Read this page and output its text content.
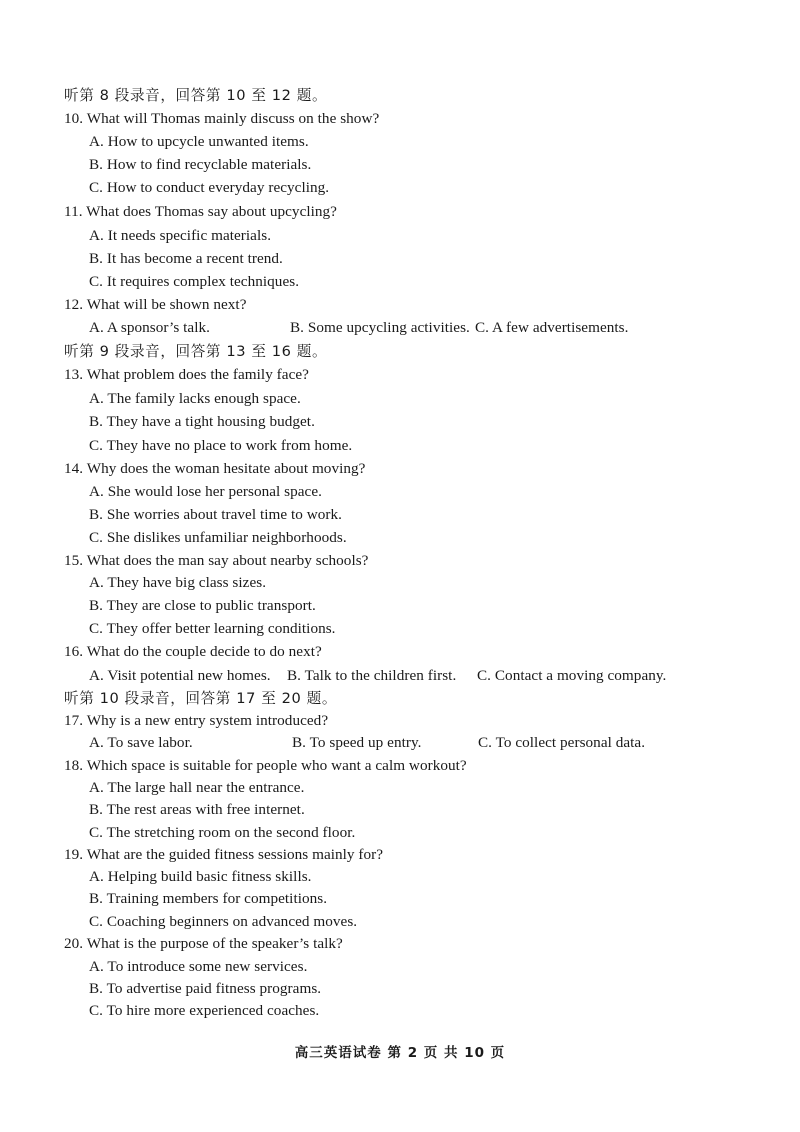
听第 8 段录音，回答第 10 至 12 题。
10. What will Thomas mainly discuss on the show?
A. How to upcycle unwanted items.
B. How to find recyclable materials.
C. How to conduct everyday recycling.
11. What does Thomas say about upcycling?
A. It needs specific materials.
B. It has become a recent trend.
C. It requires complex techniques.
12. What will be shown next?
A. A sponsor’s talk.	B. Some upcycling activities. C. A few advertisements.
听第 9 段录音，回答第 13 至 16 题。
13. What problem does the family face?
A. The family lacks enough space.
B. They have a tight housing budget.
C. They have no place to work from home.
14. Why does the woman hesitate about moving?
A. She would lose her personal space.
B. She worries about travel time to work.
C. She dislikes unfamiliar neighborhoods.
15. What does the man say about nearby schools?
A. They have big class sizes.
B. They are close to public transport.
C. They offer better learning conditions.
16. What do the couple decide to do next?
A. Visit potential new homes. B. Talk to the children first. C. Contact a moving company.
听第 10 段录音，回答第 17 至 20 题。
17. Why is a new entry system introduced?
A. To save labor.	B. To speed up entry.	C. To collect personal data.
18. Which space is suitable for people who want a calm workout?
A. The large hall near the entrance.
B. The rest areas with free internet.
C. The stretching room on the second floor.
19. What are the guided fitness sessions mainly for?
A. Helping build basic fitness skills.
B. Training members for competitions.
C. Coaching beginners on advanced moves.
20. What is the purpose of the speaker’s talk?
A. To introduce some new services.
B. To advertise paid fitness programs.
C. To hire more experienced coaches.
高三英语试卷 第 2 页 共 10 页
